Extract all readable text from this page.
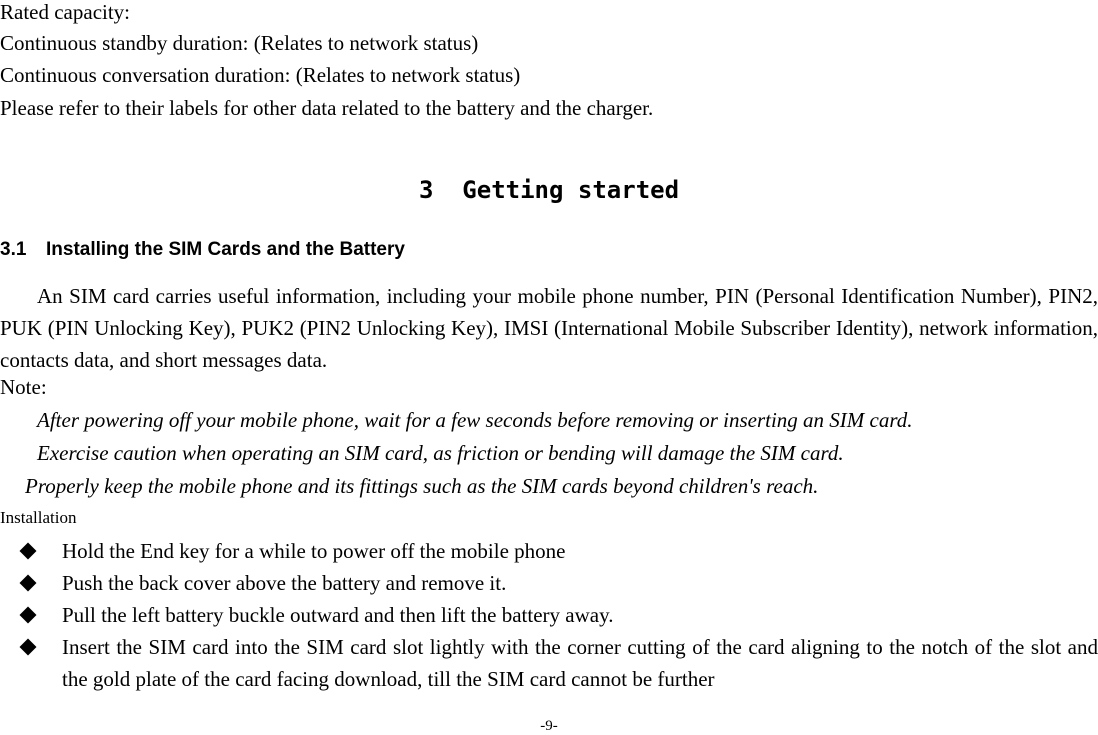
Rated capacity:
Continuous standby duration: (Relates to network status)
Continuous conversation duration: (Relates to network status)
Please refer to their labels for other data related to the battery and the charger.
3 Getting started
3.1 Installing the SIM Cards and the Battery
An SIM card carries useful information, including your mobile phone number, PIN (Personal Identification Number), PIN2, PUK (PIN Unlocking Key), PUK2 (PIN2 Unlocking Key), IMSI (International Mobile Subscriber Identity), network information, contacts data, and short messages data.
Note:
After powering off your mobile phone, wait for a few seconds before removing or inserting an SIM card.
Exercise caution when operating an SIM card, as friction or bending will damage the SIM card.
Properly keep the mobile phone and its fittings such as the SIM cards beyond children's reach.
Installation
Hold the End key for a while to power off the mobile phone
Push the back cover above the battery and remove it.
Pull the left battery buckle outward and then lift the battery away.
Insert the SIM card into the SIM card slot lightly with the corner cutting of the card aligning to the notch of the slot and the gold plate of the card facing download, till the SIM card cannot be further
-9-
